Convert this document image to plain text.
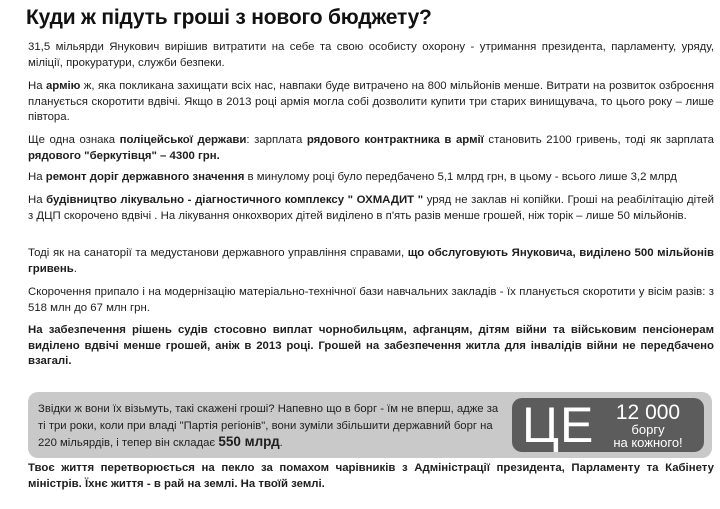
Куди ж підуть гроші з нового бюджету?
31,5 мільярди Янукович вирішив витратити на себе та свою особисту охорону - утримання президента, парламенту, уряду, міліції, прокуратури, служби безпеки.
На армію ж, яка покликана захищати всіх нас, навпаки буде витрачено на 800 мільйонів менше. Витрати на розвиток озброєння планується скоротити вдвічі. Якщо в 2013 році армія могла собі дозволити купити три старих винищувача, то цього року – лише півтора.
Ще одна ознака поліцейської держави: зарплата рядового контрактника в армії становить 2100 гривень, тоді як зарплата рядового "беркутівця" – 4300 грн.
На ремонт доріг державного значення в минулому році було передбачено 5,1 млрд грн, в цьому - всього лише 3,2 млрд
На будівництво лікувально - діагностичного комплексу " ОХМАДИТ " уряд не заклав ні копійки. Гроші на реабілітацію дітей з ДЦП скорочено вдвічі . На лікування онкохворих дітей виділено в п'ять разів менше грошей, ніж торік – лише 50 мільйонів.
Тоді як на санаторії та медустанови державного управління справами, що обслуговують Януковича, виділено 500 мільйонів гривень.
Скорочення припало і на модернізацію матеріально-технічної бази навчальних закладів - їх планується скоротити у вісім разів: з 518 млн до 67 млн грн.
На забезпечення рішень судів стосовно виплат чорнобильцям, афганцям, дітям війни та військовим пенсіонерам виділено вдвічі менше грошей, аніж в 2013 році. Грошей на забезпечення житла для інвалідів війни не передбачено взагалі.
Звідки ж вони їх візьмуть, такі скажені гроші? Напевно що в борг - їм не вперш, адже за ті три роки, коли при владі "Партія регіонів", вони зуміли збільшити державний борг на 220 мільярдів, і тепер він складає 550 млрд.	ЦЕ	12 000
боргу
на кожного!
Твоє життя перетворюється на пекло за помахом чарівників з Адміністрації президента, Парламенту та Кабінету міністрів. Їхнє життя - в рай на землі. На твоїй землі.
